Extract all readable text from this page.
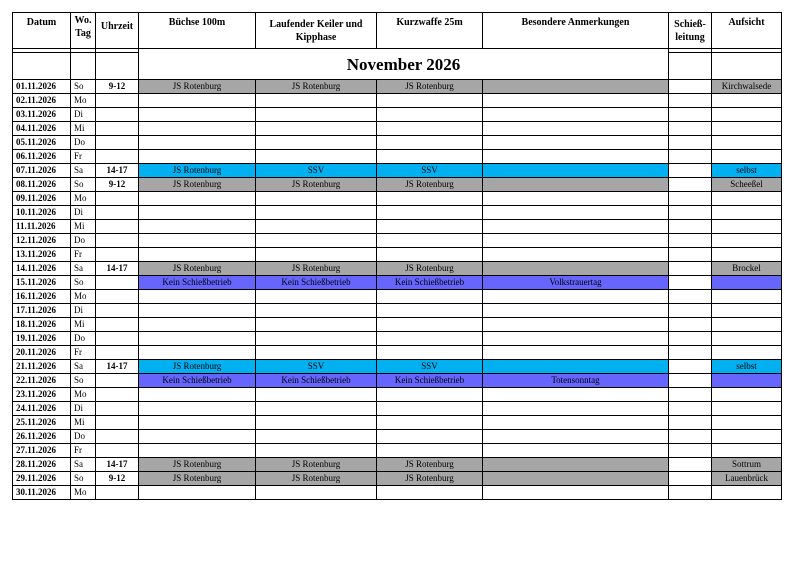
Datum	Wo. Tag	Uhrzeit	Büchse 100m	Laufender Keiler und Kipphase	Kurzwaffe 25m	Besondere Anmerkungen	Schieß-leitung	Aufsicht
			November 2026					

01.11.2026	So	9-12	JS Rotenburg	JS Rotenburg	JS Rotenburg			Kirchwalsede
02.11.2026	Mo							
03.11.2026	Di							
04.11.2026	Mi							
05.11.2026	Do							
06.11.2026	Fr							
07.11.2026	Sa	14-17	JS Rotenburg	SSV	SSV			selbst
08.11.2026	So	9-12	JS Rotenburg	JS Rotenburg	JS Rotenburg			Scheeßel
09.11.2026	Mo							
10.11.2026	Di							
11.11.2026	Mi							
12.11.2026	Do							
13.11.2026	Fr							
14.11.2026	Sa	14-17	JS Rotenburg	JS Rotenburg	JS Rotenburg			Brockel
15.11.2026	So		Kein Schießbetrieb	Kein Schießbetrieb	Kein Schießbetrieb	Volkstrauertag		
16.11.2026	Mo							
17.11.2026	Di							
18.11.2026	Mi							
19.11.2026	Do							
20.11.2026	Fr							
21.11.2026	Sa	14-17	JS Rotenburg	SSV	SSV			selbst
22.11.2026	So		Kein Schießbetrieb	Kein Schießbetrieb	Kein Schießbetrieb	Totensonntag		
23.11.2026	Mo							
24.11.2026	Di							
25.11.2026	Mi							
26.11.2026	Do							
27.11.2026	Fr							
28.11.2026	Sa	14-17	JS Rotenburg	JS Rotenburg	JS Rotenburg			Sottrum
29.11.2026	So	9-12	JS Rotenburg	JS Rotenburg	JS Rotenburg			Lauenbrück
30.11.2026	Mo							
